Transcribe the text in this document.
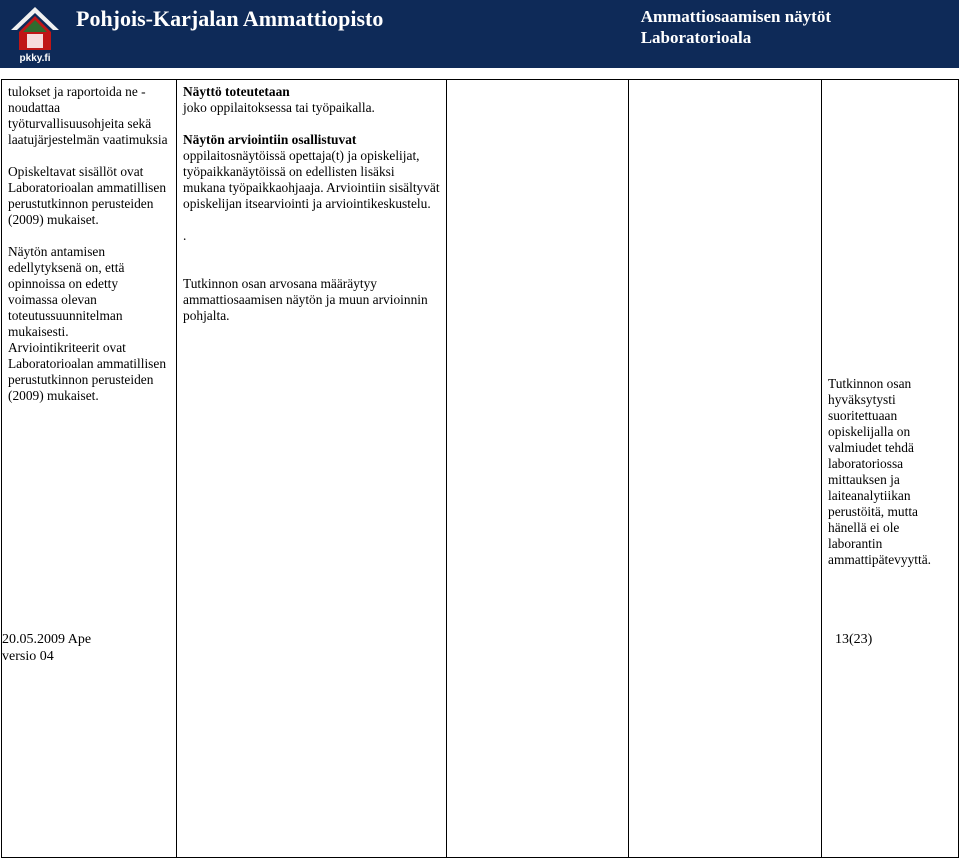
pkky.fi
Pohjois-Karjalan Ammattiopisto	Ammattiosaamisen näytöt
Laboratorioala

tulokset ja raportoida ne - noudattaa työturvallisuusohjeita sekä laatujärjestelmän vaatimuksia

Opiskeltavat sisällöt ovat Laboratorioalan ammatillisen perustutkinnon perusteiden (2009) mukaiset.

Näytön antamisen edellytyksenä on, että opinnoissa on edetty voimassa olevan toteutussuunnitelman mukaisesti.

Arviointikriteerit ovat Laboratorioalan ammatillisen perustutkinnon perusteiden (2009) mukaiset.

Näyttö toteutetaan
joko oppilaitoksessa tai työpaikalla.

Näytön arviointiin osallistuvat
oppilaitosnäytöissä opettaja(t) ja opiskelijat, työpaikkanäytöissä on edellisten lisäksi mukana työpaikkaohjaaja. Arviointiin sisältyvät opiskelijan itsearviointi ja arviointikeskustelu.

.

Tutkinnon osan arvosana määräytyy ammattiosaamisen näytön ja muun arvioinnin pohjalta.

Tutkinnon osan hyväksytysti suoritettuaan opiskelijalla on valmiudet tehdä laboratoriossa mittauksen ja laiteanalytiikan perustöitä, mutta hänellä ei ole laborantin ammattipätevyyttä.

20.05.2009 Ape
versio 04
13(23)
